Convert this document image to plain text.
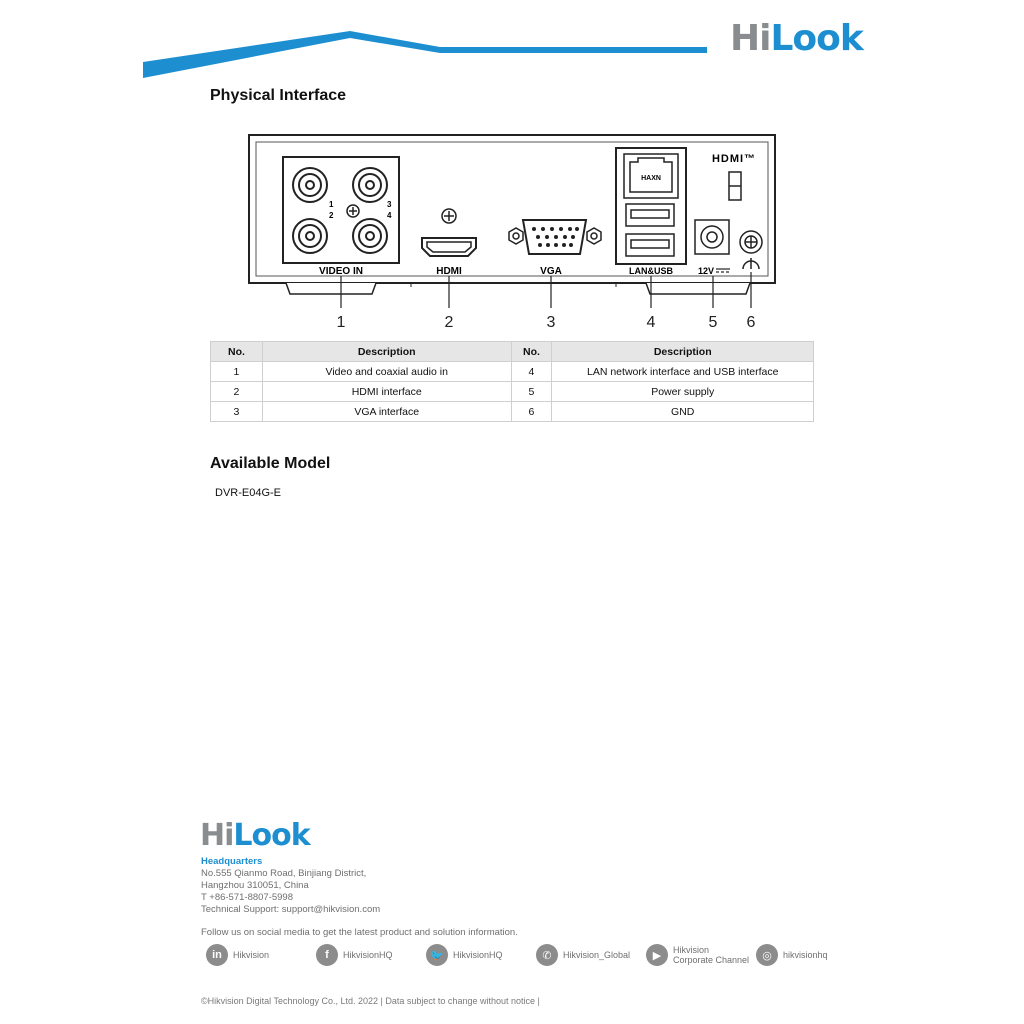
HiLook
Physical Interface
1	3
2	4
VIDEO IN	HDMI	VGA
HAXN
LAN&USB
HDMI™
12V
1	2	3	4	5	6
No.	Description	No.	Description
1	Video and coaxial audio in	4	LAN network interface and USB interface
2	HDMI interface	5	Power supply
3	VGA interface	6	GND
Available Model
DVR-E04G-E
HiLook
Headquarters
No.555 Qianmo Road, Binjiang District,
Hangzhou 310051, China
T +86-571-8807-5998
Technical Support: support@hikvision.com
Follow us on social media to get the latest product and solution information.
in	Hikvision	f	HikvisionHQ	🐦	HikvisionHQ	✆	Hikvision_Global	▶	Hikvision
Corporate Channel	◎	hikvisionhq
©Hikvision Digital Technology Co., Ltd. 2022 | Data subject to change without notice |
